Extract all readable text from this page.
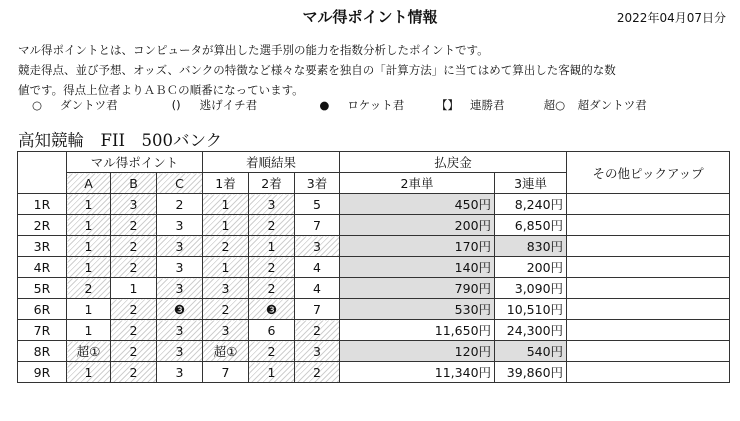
マル得ポイント情報	2022年04月07日分
マル得ポイントとは、コンピュータが算出した選手別の能力を指数分析したポイントです。
競走得点、並び予想、オッズ、バンクの特徴など様々な要素を独自の「計算方法」に当てはめて算出した客観的な数
値です。得点上位者よりＡＢＣの順番になっています。
○ ダントツ君	() 逃げイチ君	● ロケット君	【】 連勝君	超○ 超ダントツ君
高知競輪　FII　500バンク
	マル得ポイント			着順結果			払戻金		その他ピックアップ
	A	B	C	1着	2着	3着	2車単	3連単	
1R	1	3	2	1	3	5	450円	8,240円	
2R	1	2	3	1	2	7	200円	6,850円	
3R	1	2	3	2	1	3	170円	830円	
4R	1	2	3	1	2	4	140円	200円	
5R	2	1	3	3	2	4	790円	3,090円	
6R	1	2	❸	2	❸	7	530円	10,510円	
7R	1	2	3	3	6	2	11,650円	24,300円	
8R	超①	2	3	超①	2	3	120円	540円	
9R	1	2	3	7	1	2	11,340円	39,860円	
